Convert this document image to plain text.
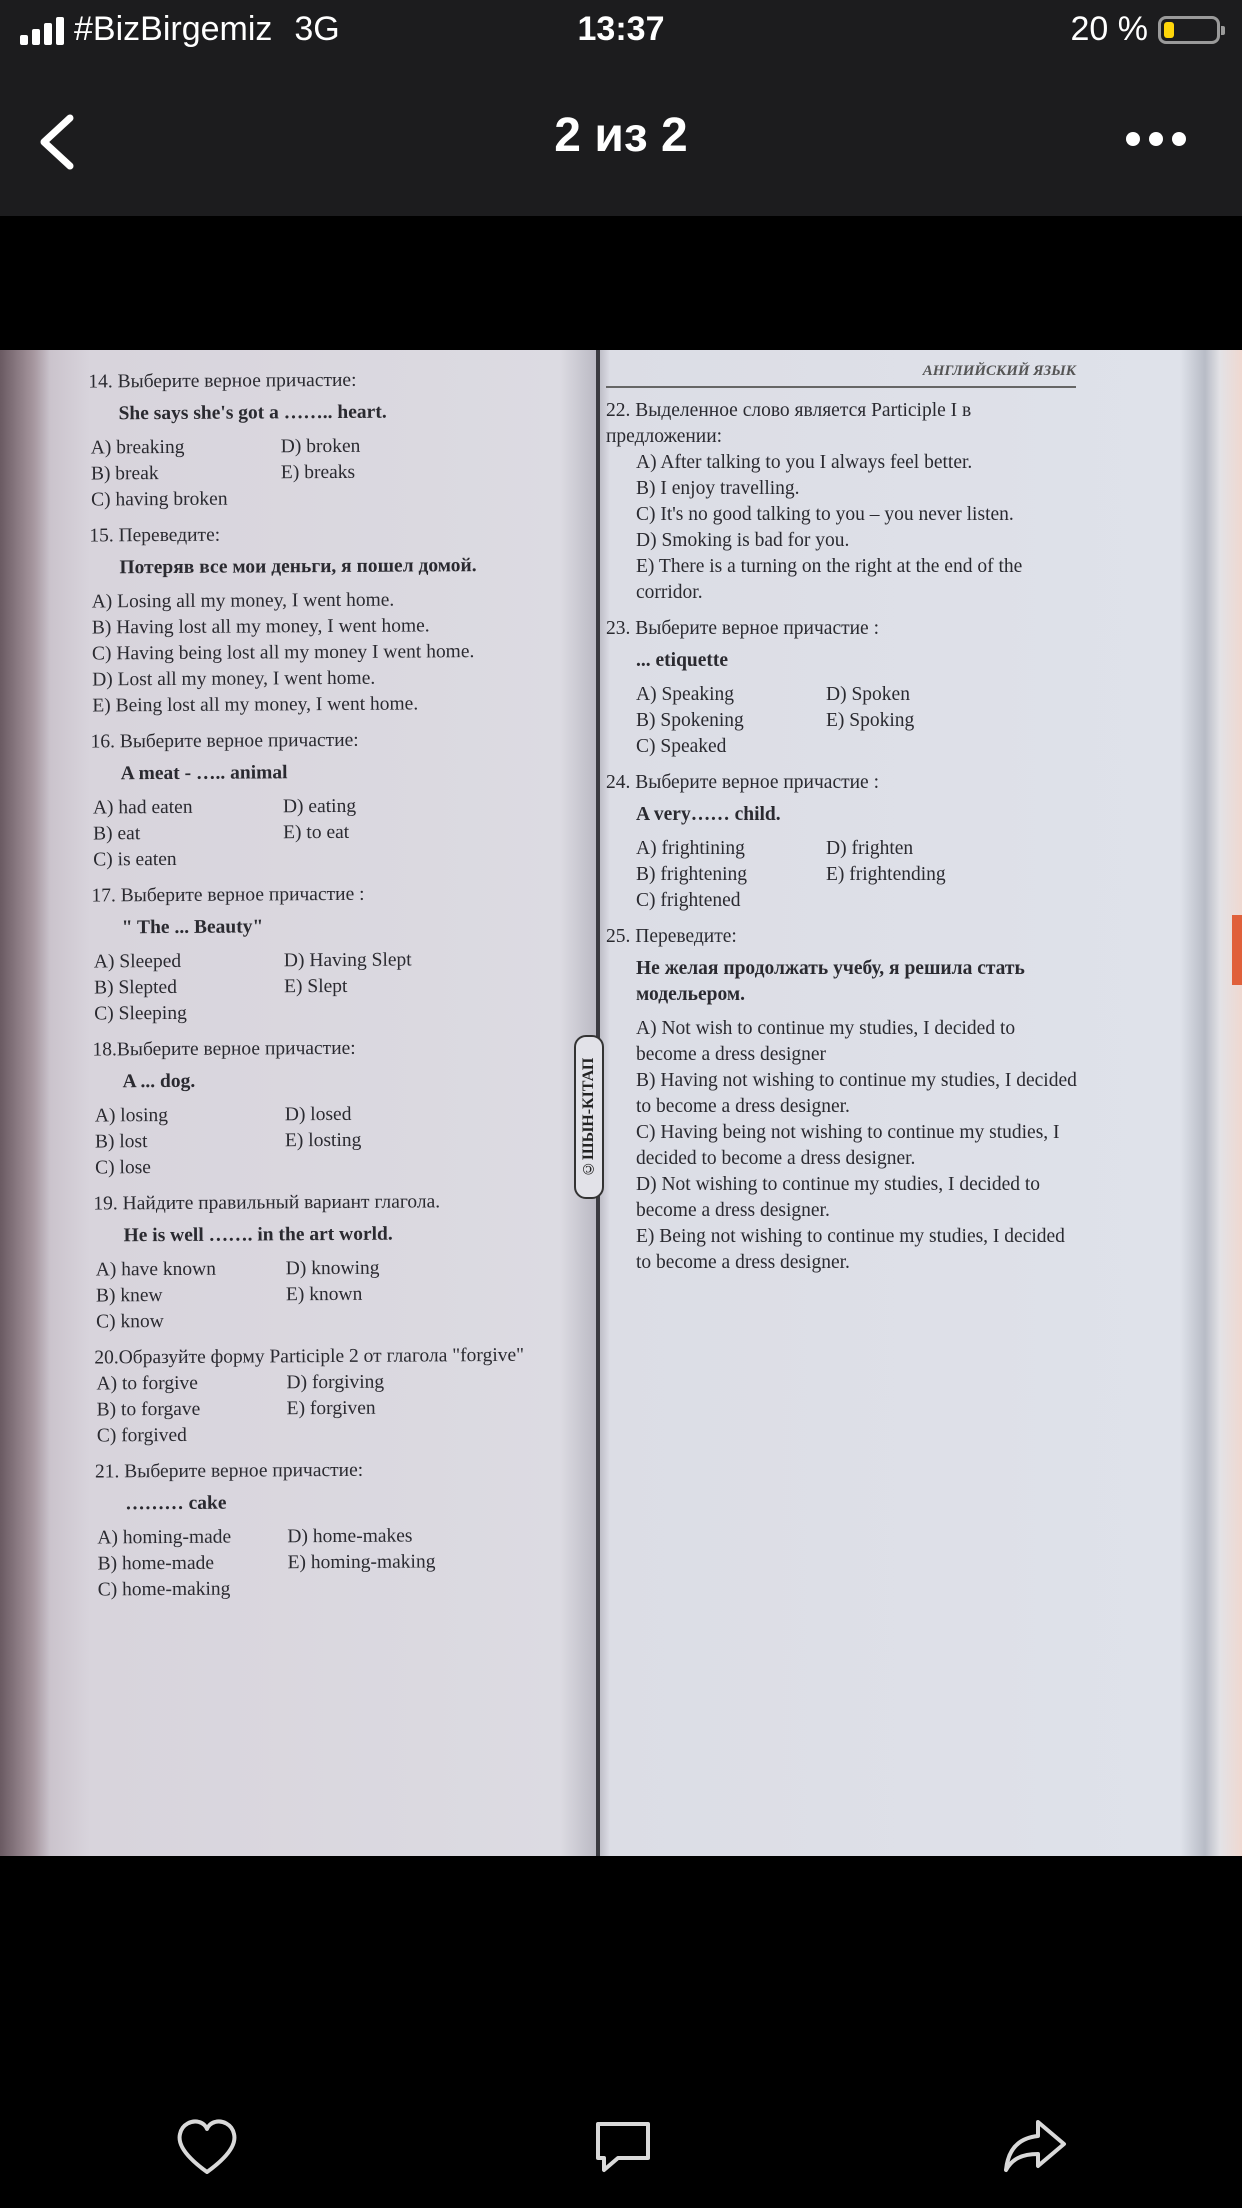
#BizBirgemiz 3G	13:37	20 %
2 из 2
14. Выберите верное причастие:
She says she's got a …….. heart.
A) breaking	D) broken
B) break	E) breaks
C) having broken
15. Переведите:
Потеряв все мои деньги, я пошел домой.
A) Losing all my money, I went home.
B) Having lost all my money, I went home.
C) Having being lost all my money I went home.
D) Lost all my money, I went home.
E) Being lost all my money, I went home.
16. Выберите верное причастие:
A meat - ….. animal
A) had eaten	D) eating
B) eat	E) to eat
C) is eaten
17. Выберите верное причастие :
" The ... Beauty"
A) Sleeped	D) Having Slept
B) Slepted	E) Slept
C) Sleeping
18.Выберите верное причастие:
A ... dog.
A) losing	D) losed
B) lost	E) losting
C) lose
19. Найдите правильный вариант глагола.
He is well ……. in the art world.
A) have known	D) knowing
B) knew	E) known
C) know
20.Образуйте форму Participle 2 от глагола "forgive"
A) to forgive	D) forgiving
B) to forgave	E) forgiven
C) forgived
21. Выберите верное причастие:
……… cake
A) homing-made	D) home-makes
B) home-made	E) homing-making
C) home-making
АНГЛИЙСКИЙ ЯЗЫК
22. Выделенное слово является Participle I в предложении:
A) After talking to you I always feel better.
B) I enjoy travelling.
C) It's no good talking to you – you never listen.
D) Smoking is bad for you.
E) There is a turning on the right at the end of the corridor.
23. Выберите верное причастие :
... etiquette
A) Speaking	D) Spoken
B) Spokening	E) Spoking
C) Speaked
24. Выберите верное причастие :
A very…… child.
A) frightining	D) frighten
B) frightening	E) frightending
C) frightened
25. Переведите:
Не желая продолжать учебу, я решила стать модельером.
A) Not wish to continue my studies, I decided to become a dress designer
B) Having not wishing to continue my studies, I decided to become a dress designer.
C) Having being not wishing to continue my studies, I decided to become a dress designer.
D) Not wishing to continue my studies, I decided to become a dress designer.
E) Being not wishing to continue my studies, I decided to become a dress designer.
©ШЫН-КІТАП
